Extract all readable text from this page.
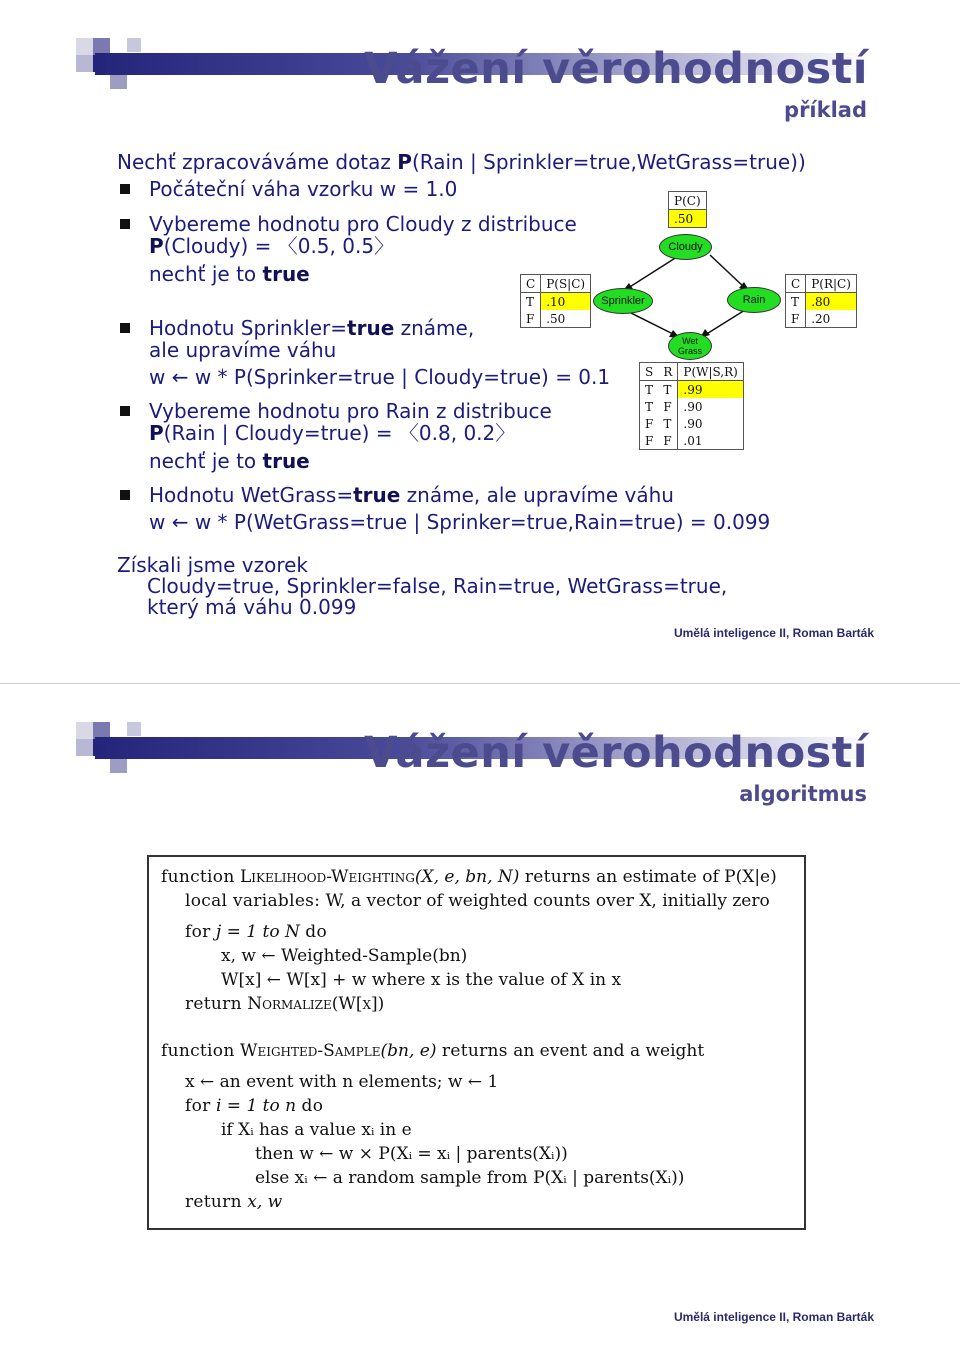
Vážení věrohodností
příklad
Nechť zpracováváme dotaz P(Rain | Sprinkler=true,WetGrass=true))
Počáteční váha vzorku w = 1.0
Vybereme hodnotu pro Cloudy z distribuce
P(Cloudy) = 〈0.5, 0.5〉
nechť je to true
Hodnotu Sprinkler=true známe,
ale upravíme váhu
w ← w * P(Sprinker=true | Cloudy=true) = 0.1
Vybereme hodnotu pro Rain z distribuce
P(Rain | Cloudy=true) = 〈0.8, 0.2〉
nechť je to true
Hodnotu WetGrass=true známe, ale upravíme váhu
w ← w * P(WetGrass=true | Sprinker=true,Rain=true) = 0.099
Získali jsme vzorek
Cloudy=true, Sprinkler=false, Rain=true, WetGrass=true,
který má váhu 0.099
P(C)
.50
Cloudy
Sprinkler	Rain
Wet Grass
C	P(S|C)
T	.10
F	.50
C	P(R|C)
T	.80
F	.20
S	R	P(W|S,R)
T	T	.99
T	F	.90
F	T	.90
F	F	.01
Umělá inteligence II, Roman Barták
Vážení věrohodností
algoritmus
function Likelihood-Weighting(X, e, bn, N) returns an estimate of P(X|e)
local variables: W, a vector of weighted counts over X, initially zero
for j = 1 to N do
x, w ← Weighted-Sample(bn)
W[x] ← W[x] + w where x is the value of X in x
return Normalize(W[x])
function Weighted-Sample(bn, e) returns an event and a weight
x ← an event with n elements; w ← 1
for i = 1 to n do
if Xᵢ has a value xᵢ in e
then w ← w × P(Xᵢ = xᵢ | parents(Xᵢ))
else xᵢ ← a random sample from P(Xᵢ | parents(Xᵢ))
return x, w
Umělá inteligence II, Roman Barták
